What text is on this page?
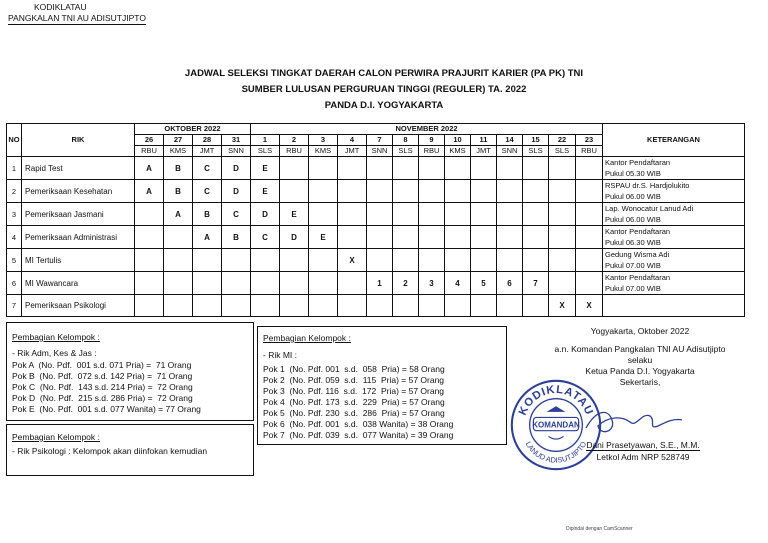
KODIKLATAU
PANGKALAN TNI AU ADISUTJIPTO
JADWAL SELEKSI TINGKAT DAERAH CALON PERWIRA PRAJURIT KARIER (PA PK) TNI
SUMBER LULUSAN PERGURUAN TINGGI (REGULER) TA. 2022
PANDA D.I. YOGYAKARTA
NO	RIK	OKTOBER 2022				NOVEMBER 2022													KETERANGAN
		26	27	28	31	1	2	3	4	7	8	9	10	11	14	15	22	23	
		RBU	KMS	JMT	SNN	SLS	RBU	KMS	JMT	SNN	SLS	RBU	KMS	JMT	SNN	SLS	SLS	RBU	
1	Rapid Test	A	B	C	D	E													Kantor Pendaftaran
Pukul 05.30 WIB

2	Pemeriksaan Kesehatan	A	B	C	D	E													RSPAU dr.S. Hardjolukito
Pukul 06.00 WIB

3	Pemeriksaan Jasmani		A	B	C	D	E												Lap. Wonocatur Lanud Adi
Pukul 06.00 WIB

4	Pemeriksaan Administrasi			A	B	C	D	E											Kantor Pendaftaran
Pukul 06.30 WIB

5	MI Tertulis								X										Gedung Wisma Adi
Pukul 07.00 WIB

6	MI Wawancara									1	2	3	4	5	6	7			Kantor Pendaftaran
Pukul 07.00 WIB

7	Pemeriksaan Psikologi																X	X	
Pembagian Kelompok :
- Rik Adm, Kes & Jas :
Pok A  (No. Pdf.  001 s.d. 071 Pria) =  71 Orang
Pok B  (No. Pdf.  072 s.d. 142 Pria) =  71 Orang
Pok C  (No. Pdf.  143 s.d. 214 Pria) =  72 Orang
Pok D  (No. Pdf.  215 s.d. 286 Pria) =  72 Orang
Pok E  (No. Pdf.  001 s.d. 077 Wanita) = 77 Orang
Pembagian Kelompok :
- Rik Psikologi : Kelompok akan diinfokan kemudian
Pembagian Kelompok :
- Rik MI :
Pok 1  (No. Pdf. 001  s.d.  058  Pria) = 58 Orang
Pok 2  (No. Pdf. 059  s.d.  115  Pria) = 57 Orang
Pok 3  (No. Pdf. 116  s.d.  172  Pria) = 57 Orang
Pok 4  (No. Pdf. 173  s.d.  229  Pria) = 57 Orang
Pok 5  (No. Pdf. 230  s.d.  286  Pria) = 57 Orang
Pok 6  (No. Pdf. 001  s.d.  038 Wanita) = 38 Orang
Pok 7  (No. Pdf. 039  s.d.  077 Wanita) = 39 Orang
Yogyakarta, Oktober 2022
a.n. Komandan Pangkalan TNI AU Adisutjipto
selaku
Ketua Panda D.I. Yogyakarta
Sekertaris,
KODIKLATAU
LANUD ADISUTJIPTO
KOMANDAN
Dani Prasetyawan, S.E., M.M.
Letkol Adm NRP 528749
Dipindai dengan CamScanner
